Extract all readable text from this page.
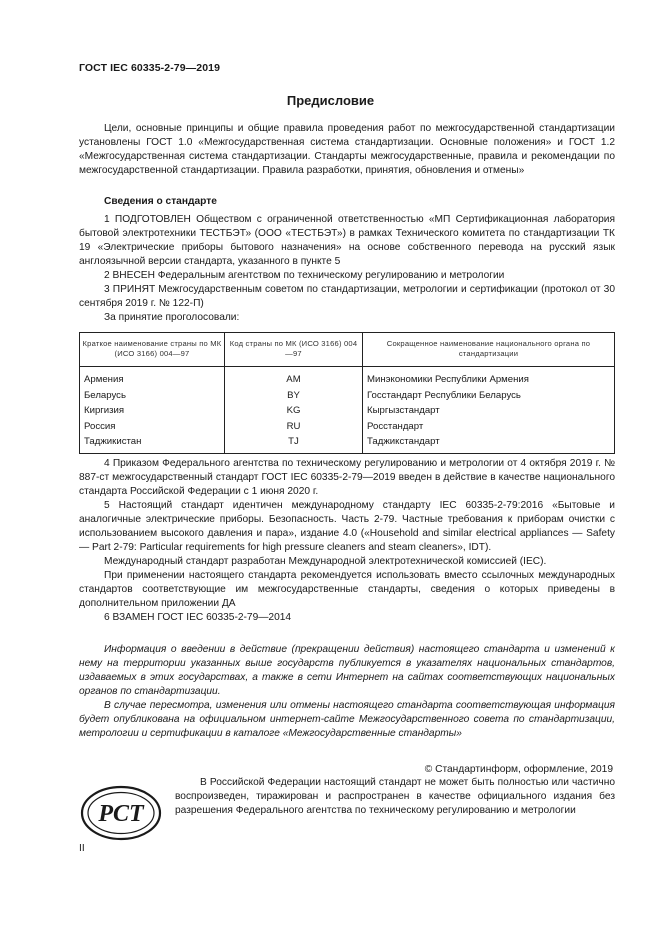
ГОСТ IEC 60335-2-79—2019
Предисловие

Цели, основные принципы и общие правила проведения работ по межгосударственной стандартизации установлены ГОСТ 1.0 «Межгосударственная система стандартизации. Основные положения» и ГОСТ 1.2 «Межгосударственная система стандартизации. Стандарты межгосударственные, правила и рекомендации по межгосударственной стандартизации. Правила разработки, принятия, обновления и отмены»

Сведения о стандарте

1 ПОДГОТОВЛЕН Обществом с ограниченной ответственностью «МП Сертификационная лаборатория бытовой электротехники ТЕСТБЭТ» (ООО «ТЕСТБЭТ») в рамках Технического комитета по стандартизации ТК 19 «Электрические приборы бытового назначения» на основе собственного перевода на русский язык англоязычной версии стандарта, указанного в пункте 5

2 ВНЕСЕН Федеральным агентством по техническому регулированию и метрологии

3 ПРИНЯТ Межгосударственным советом по стандартизации, метрологии и сертификации (протокол от 30 сентября 2019 г. № 122-П)

За принятие проголосовали:

Краткое наименование страны по МК (ИСО 3166) 004—97	Код страны по МК (ИСО 3166) 004—97	Сокращенное наименование национального органа по стандартизации
Армения	AM	Минэкономики Республики Армения
Беларусь	BY	Госстандарт Республики Беларусь
Киргизия	KG	Кыргызстандарт
Россия	RU	Росстандарт
Таджикистан	TJ	Таджикстандарт

4 Приказом Федерального агентства по техническому регулированию и метрологии от 4 октября 2019 г. № 887-ст межгосударственный стандарт ГОСТ IEC 60335-2-79—2019 введен в действие в качестве национального стандарта Российской Федерации с 1 июня 2020 г.

5 Настоящий стандарт идентичен международному стандарту IEC 60335-2-79:2016 «Бытовые и аналогичные электрические приборы. Безопасность. Часть 2-79. Частные требования к приборам очистки с использованием высокого давления и пара», издание 4.0 («Household and similar electrical appliances — Safety — Part 2-79: Particular requirements for high pressure cleaners and steam cleaners», IDT).

Международный стандарт разработан Международной электротехнической комиссией (IEC).

При применении настоящего стандарта рекомендуется использовать вместо ссылочных международных стандартов соответствующие им межгосударственные стандарты, сведения о которых приведены в дополнительном приложении ДА

6 ВЗАМЕН ГОСТ IEC 60335-2-79—2014

Информация о введении в действие (прекращении действия) настоящего стандарта и изменений к нему на территории указанных выше государств публикуется в указателях национальных стандартов, издаваемых в этих государствах, а также в сети Интернет на сайтах соответствующих национальных органов по стандартизации.

В случае пересмотра, изменения или отмены настоящего стандарта соответствующая информация будет опубликована на официальном интернет-сайте Межгосударственного совета по стандартизации, метрологии и сертификации в каталоге «Межгосударственные стандарты»

© Стандартинформ, оформление, 2019
РСТ

В Российской Федерации настоящий стандарт не может быть полностью или частично воспроизведен, тиражирован и распространен в качестве официального издания без разрешения Федерального агентства по техническому регулированию и метрологии

II
